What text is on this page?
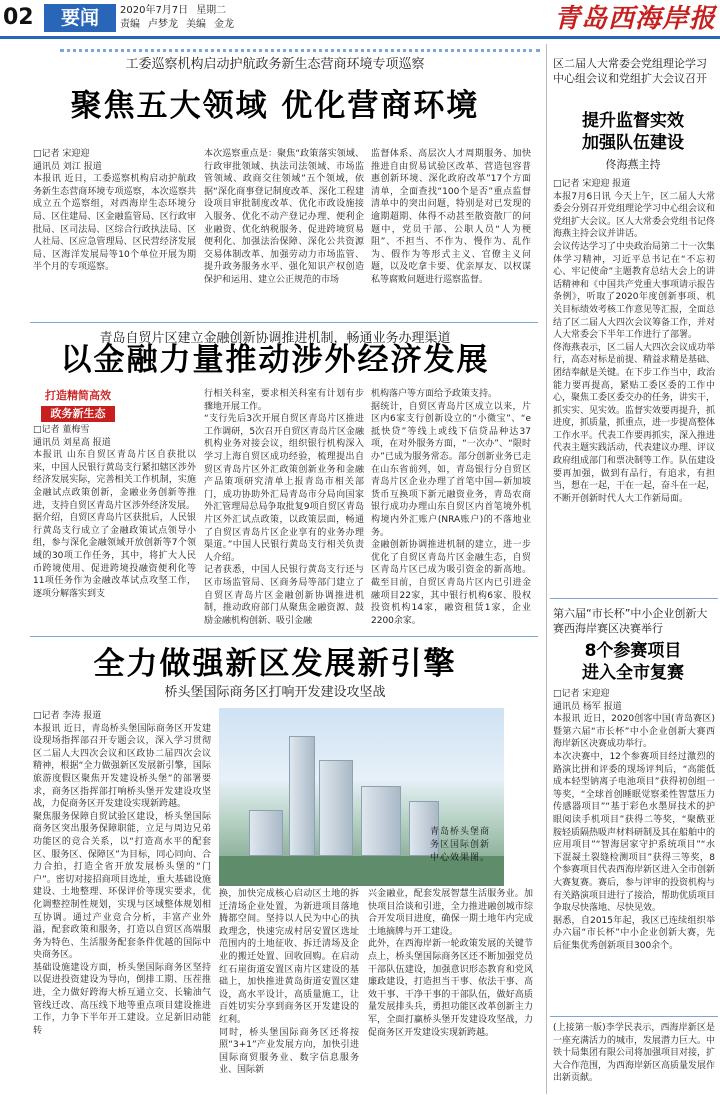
02	要闻	2020年7月7日 星期二
责编 卢梦龙 美编 金龙	青岛西海岸报
工委巡察机构启动护航政务新生态营商环境专项巡察
聚焦五大领域 优化营商环境
□记者 宋迎迎
通讯员 刘江 报道
本报讯 近日，工委巡察机构启动护航政务新生态营商环境专项巡察，本次巡察共成立五个巡察组，对西海岸生态环境分局、区住建局、区金融监管局、区行政审批局、区司法局、区综合行政执法局、区人社局、区应急管理局、区民营经济发展局、区海洋发展局等10个单位开展为期半个月的专项巡察。
本次巡察重点是：聚焦“政策落实领域、行政审批领域、执法司法领域、市场监管领域、政商交往领域”五个领域，依据“深化商事登记制度改革、深化工程建设项目审批制度改革、优化市政设施接入服务、优化不动产登记办理、便利企业融资、优化纳税服务、促进跨境贸易便利化、加强法治保障、深化公共资源交易体制改革、加强劳动力市场监管、提升政务服务水平、强化知识产权创造保护和运用、建立公正规范的市场
监督体系、高层次人才周期服务、加快推进自由贸易试验区改革、营造包容普惠创新环境、深化政府改革”17个方面清单，全面查找“100个是否”重点监督清单中的突出问题，特别是对已发现的逾期超期、体得不动甚至散资散厂的问题中，党员干部、公职人员“人为梗阻”、不担当、不作为、慢作为、乱作为、假作为等形式主义、官僚主义问题，以及吃拿卡要、优亲厚友、以权谋私等腐败问题进行巡察监督。
青岛自贸片区建立金融创新协调推进机制，畅通业务办理渠道
以金融力量推动涉外经济发展
打造精简高效
政务新生态
□记者 董梅雪
通讯员 刘星高 报道
本报讯 山东自贸区青岛片区自获批以来，中国人民银行黄岛支行紧扣辖区涉外经济发展实际，完善相关工作机制，实施金融试点政策创新，金融业务创新等推进，支持自贸区青岛片区涉外经济发展。
据介绍，自贸区青岛片区获批后，人民银行黄岛支行成立了金融政策试点领导小组，参与深化金融领域开放创新等7个领域的30项工作任务，其中，将扩大人民币跨境使用、促进跨境投融资便利化等11项任务作为金融改革试点攻坚工作，逐项分解落实到支
行相关科室，要求相关科室有计划有步骤地开展工作。
“支行先后3次开展自贸区青岛片区推进工作调研，5次召开自贸区青岛片区金融机构业务对接会议，组织银行机构深入学习上海自贸区成功经验，梳理提出自贸区青岛片区外汇政策创新业务和金融产品策项研究清单上报青岛市相关部门，成功协助外汇局青岛市分局向国家外汇管理局总局争取批复9项自贸区青岛片区外汇试点政策，以政策层面，畅通了自贸区青岛片区企业享有的业务办理渠道。”中国人民银行黄岛支行相关负责人介绍。
记者获悉，中国人民银行黄岛支行还与区市场监管局、区商务局等部门建立了自贸区青岛片区金融创新协调推进机制，推动政府部门从聚焦金融资源、鼓励金融机构创新、吸引金融
机构落户等方面给予政策支持。
据统计，自贸区青岛片区成立以来，片区内6家支行创新设立的“小微宝”、“e抵快贷”等线上或线下信贷品种达37项，在对外服务方面，“一次办”、“限时办”已成为服务常态。部分创新业务已走在山东省前列，如，青岛银行分自贸区青岛片区企业办理了首笔中国—新加坡货币互换项下新元融资业务，青岛农商银行成功办理山东自贸区内首笔境外机构境内外汇账户(NRA账户)的不落地业务。
金融创新协调推进机制的建立，进一步优化了自贸区青岛片区金融生态，自贸区青岛片区已成为吸引资金的新高地。截至目前，自贸区青岛片区内已引进金融项目22家，其中银行机构6家、股权投资机构14家，融资租赁1家，企业2200余家。
全力做强新区发展新引擎
桥头堡国际商务区打响开发建设攻坚战
□记者 李涛 报道
本报讯 近日，青岛桥头堡国际商务区开发建设现场指挥部召开专题会议，深入学习贯彻区二届人大四次会议和区政协二届四次会议精神，根据“全力做强新区发展新引擎，国际旅游度假区聚焦开发建设桥头堡”的部署要求，商务区指挥部打响桥头堡开发建设攻坚战，力促商务区开发建设实现新跨越。
聚焦服务保障自贸试验区建设，桥头堡国际商务区突出服务保障职能，立足与周边兄弟功能区的竞合关系，以“打造高水平的配套区、服务区、保障区”为目标，同心同向、合力合拍，打造全省开放发展桥头堡的“门户”。密切对接招商项目选址，重大基础设施建设、土地整理、环保评价等现实要求，优化调整控制性规划，实现与区域整体规划相互协调。通过产业竞合分析，丰富产业外溢，配套政策和服务，打造以自贸区高端服务为特色、生活服务配套条件优越的国际中央商务区。
基础设施建设方面，桥头堡国际商务区坚持以促进投资建设为导向，倒排工期、压茬推进，全力做好跨海大桥互通立交、长输油气管线迁改、高压线下地等重点项目建设推进工作，力争下半年开工建设。立足新旧动能转
青岛桥头堡商务区国际创新中心效果图。
换，加快完成核心启动区土地的拆迁清场企业处置，为新进项目落地腾都空间。坚持以人民为中心的执政理念，快速完成村居安置区选址范围内的土地征收、拆迁清场及企业的搬迁处置、回收回购。在启动红石崖街道安置区南片区建设的基础上，加快推进黄岛街道安置区建设，高水平设计，高质量施工，让百姓切实分享到商务区开发建设的红利。
同时，桥头堡国际商务区还将按照“3+1”产业发展方向，加快引进国际商贸服务业、数字信息服务业、国际新
兴金融业，配套发展智慧生活服务业。加快项目洽谈和引进，全力推进融创城市综合开发项目进度，确保一期土地年内完成土地摘牌与开工建设。
此外，在西海岸新一轮政策发展的关键节点上，桥头堡国际商务区还不断加强党员干部队伍建设，加强意识形态教育和党风廉政建设，打造担当干事、依法干事、高效干事、干净干事的干部队伍，做好高质量发展排头兵，勇担功能区改革创新主力军，全面打赢桥头堡开发建设攻坚战，力促商务区开发建设实现新跨越。
区二届人大常委会党组理论学习中心组会议和党组扩大会议召开
提升监督实效
加强队伍建设
佟海燕主持
□记者 宋迎迎 报道
本报7月6日讯 今天上午，区二届人大常委会分别召开党组理论学习中心组会议和党组扩大会议。区人大常委会党组书记佟海燕主持会议并讲话。
会议传达学习了中央政治局第二十一次集体学习精神，习近平总书记在“不忘初心、牢记使命”主题教育总结大会上的讲话精神和《中国共产党重大事项请示报告条例》，听取了2020年度创新事项、机关目标绩效考核工作意见等汇报，全面总结了区二届人大四次会议筹备工作，并对人大常委会下半年工作进行了部署。
佟海燕表示，区二届人大四次会议成功举行，高态对标是前提、精益求精是基础、团结奉献是关键。在下步工作当中，政治能力要再提高，紧贴工委区委的工作中心，聚焦工委区委交办的任务，讲实干，抓实实、见实效。监督实效要再提升，抓进度，抓质量，抓重点，进一步提高整体工作水平。代表工作要再抓实，深入推进代表主题实践活动，代表建议办理、评议政府组成部门和票决制等工作。队伍建设要再加强，做到有品行，有追求，有担当，想在一起，干在一起，奋斗在一起，不断开创新时代人大工作新局面。
第六届“市长杯”中小企业创新大赛西海岸赛区决赛举行
8个参赛项目
进入全市复赛
□记者 宋迎迎
通讯员 杨军 报道
本报讯 近日，2020创客中国(青岛赛区)暨第六届“市长杯”中小企业创新大赛西海岸新区决赛成功举行。
本次决赛中，12个参赛项目经过激烈的路演比拼和评委的现场评判后，“高能低成本轻型钠离子电池项目”获得初创组一等奖，“全球首创睡眠觉察柔性智慧压力传感器项目”“基于彩色水墨屏技术的护眼阅读手机项目”获得二等奖，“聚酰亚胺轻质隔热吸声材料研制及其在船舶中的应用项目”“智海居家守护系统项目”“水下混凝土裂缝检测项目”获得三等奖，8个参赛项目代表西海岸新区进入全市创新大赛复赛。赛后，参与评审的投资机构与有关路演项目进行了接洽，帮助优质项目争取尽快落地、尽快见效。
据悉，自2015年起，我区已连续组织举办六届“市长杯”中小企业创新大赛，先后征集优秀创新项目300余个。
(上接第一版)李学民表示，西海岸新区是一座充满活力的城市，发展潜力巨大。中铁十局集团有限公司将加强项目对接，扩大合作范围，为西海岸新区高质量发展作出新贡献。
